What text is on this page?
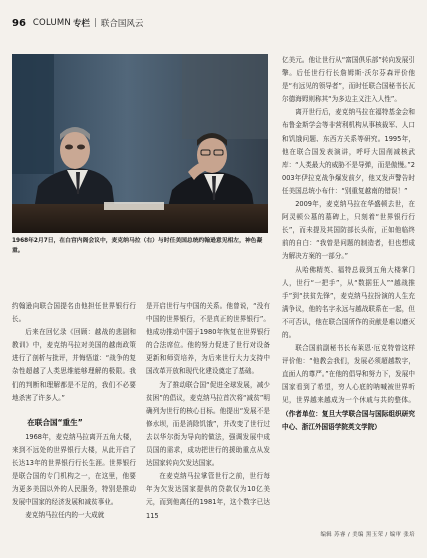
96 COLUMN 专栏 | 联合国风云
1968年2月7日，在白宫内阁会议中，麦克纳马拉（右）与时任美国总统约翰逊意见相左，神色凝重。

约翰逊向联合国提名由他担任世界银行行长。

后来在回忆录《回顾：越战的悲剧和教训》中，麦克纳马拉对美国的越南政策进行了剖析与批评，并悔悟道：“战争的复杂性超越了人类思维能够理解的极限。我们的判断和理解都是不足的，我们不必要地杀害了许多人。”

在联合国“重生”

1968年，麦克纳马拉离开五角大楼，来到不远处的世界银行大楼，从此开启了长达13年的世界银行行长生涯。世界银行是联合国的专门机构之一，在这里，他要为更多美国以外的人民服务，特别是推动发展中国家的经济发展和减贫事业。

麦克纳马拉任内的一大成就

是开启世行与中国的关系。他曾说，“没有中国的世界银行，不是真正的世界银行”。他成功推动中国于1980年恢复在世界银行的合法席位。他的努力促进了世行对设备更新和师资培养，为后来世行大力支持中国改革开放和现代化建设奠定了基础。

为了推动联合国“促进全球发展，减少贫困”的倡议，麦克纳马拉首次将“减贫”明确列为世行的核心目标。他提出“发展不是修水坝，而是消除饥饿”，并改变了世行过去以华尔街为导向的做法，强调发展中成员国的需求，成功把世行的援助重点从发达国家转向欠发达国家。

在麦克纳马拉掌管世行之前，世行每年为欠发达国家提供的贷款仅为10亿美元，而到他离任的1981年，这个数字已达115

亿美元。他让世行从“富国俱乐部”转向发展引擎。后任世行行长詹姆斯·沃尔芬森评价他是“有远见的领导者”，而时任联合国秘书长瓦尔德海姆则称其“为多边主义注入人性”。

离开世行后，麦克纳马拉在福特基金会和布鲁金斯学会等非营利机构从事核裁军、人口和饥饿问题、东西方关系等研究。1995年，他在联合国发表演讲，呼吁大国削减核武库：“人类最大的威胁不是导弹，而是傲慢。”2003年伊拉克战争爆发前夕，他又发声警告时任美国总统小布什：“别重复越南的错误！”

2009年，麦克纳马拉在华盛顿去世，在阿灵顿公墓的墓碑上，只刻着“世界银行行长”，而未提及其国防部长头衔，正如他临终前的自白：“我曾是问题的制造者，但也想成为解决方案的一部分。”

从哈佛精英、福特总裁到五角大楼掌门人，世行“一把手”，从“数据狂人”“越战推手”到“扶贫先锋”，麦克纳马拉扮演的人生充满争议，他的名字永远与越战联系在一起，但不可否认，他在联合国所作的贡献是难以磨灭的。

联合国前副秘书长布莱恩·厄克特曾这样评价他：“他教会我们，发展必须超越数字，直面人的尊严。”在他的倡导和努力下，发展中国家看到了希望，穷人心底的呐喊被世界听见，世界越来越成为一个休戚与共的整体。（作者单位：复旦大学联合国与国际组织研究中心、浙江外国语学院英文学院）

编辑 苏睿 / 美编 黑玉荣 / 编审 张培
